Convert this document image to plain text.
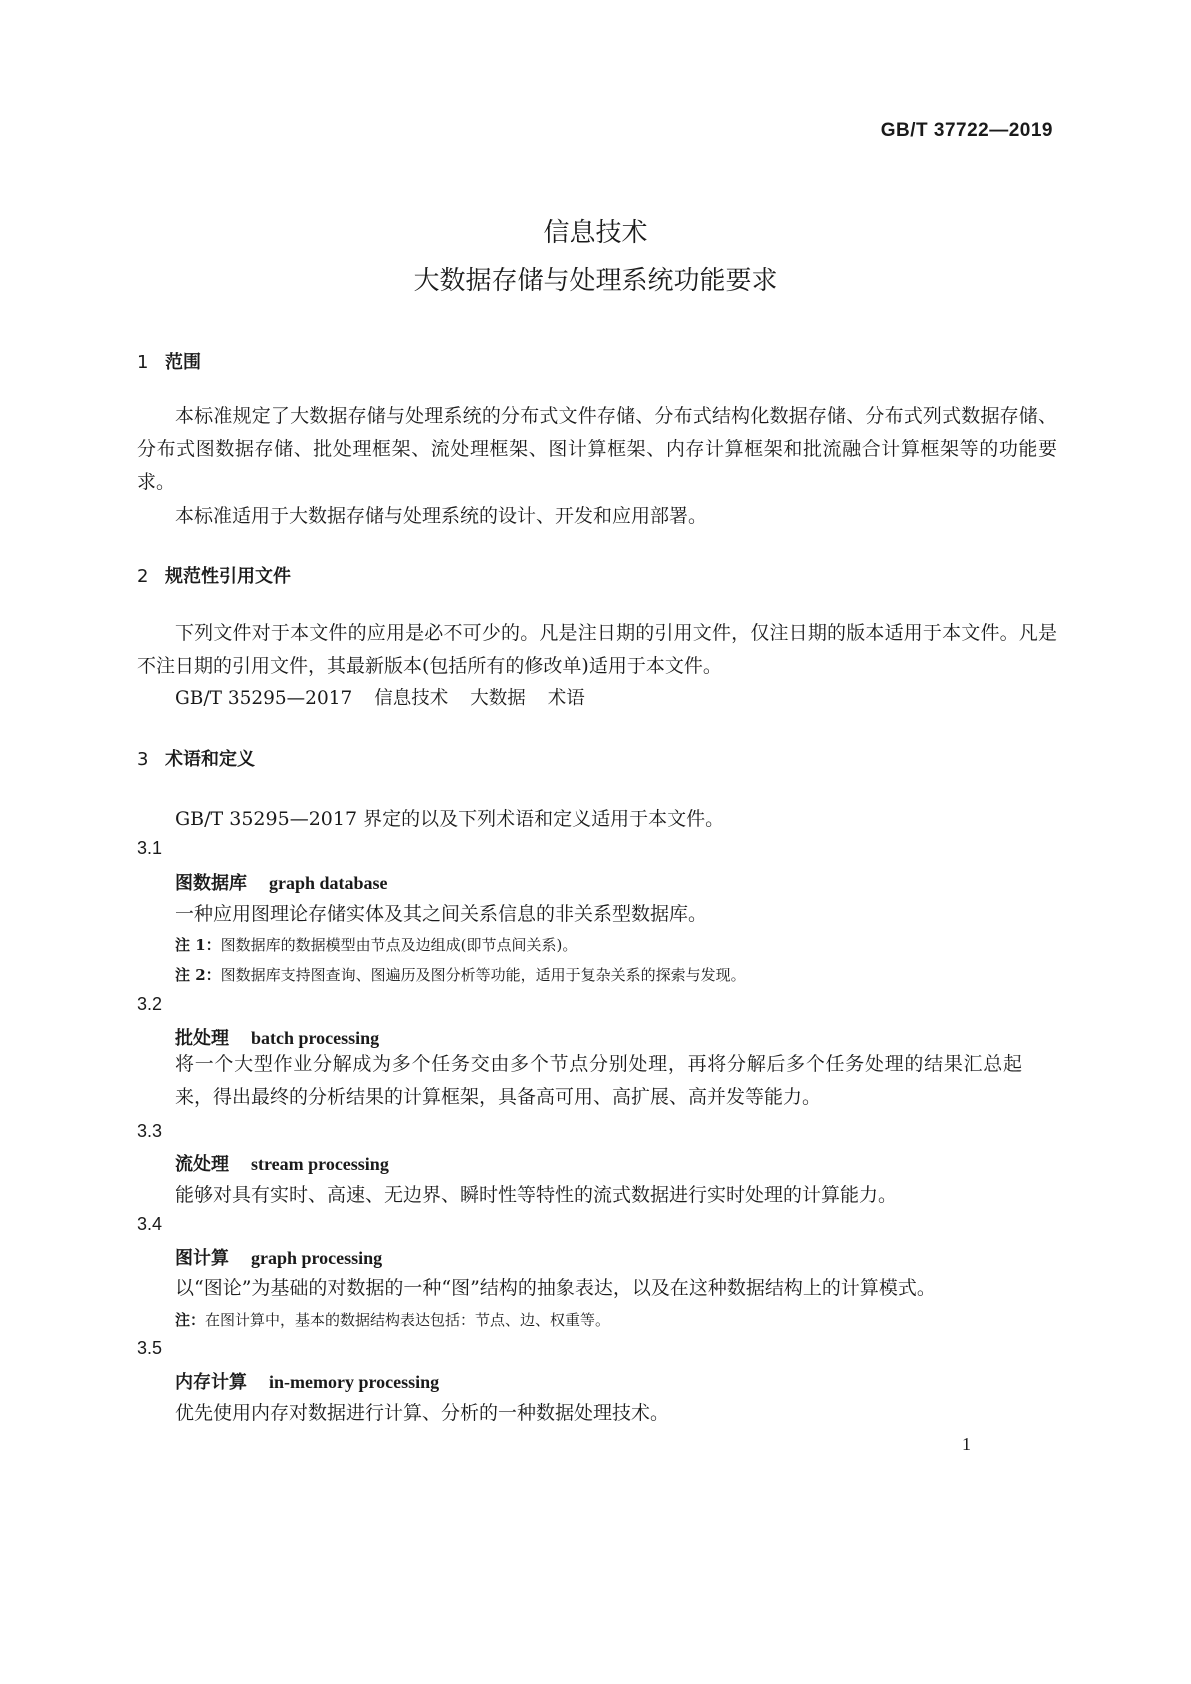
GB/T 37722—2019
信息技术
大数据存储与处理系统功能要求
1 范围
本标准规定了大数据存储与处理系统的分布式文件存储、分布式结构化数据存储、分布式列式数据存储、分布式图数据存储、批处理框架、流处理框架、图计算框架、内存计算框架和批流融合计算框架等的功能要求。
本标准适用于大数据存储与处理系统的设计、开发和应用部署。
2 规范性引用文件
下列文件对于本文件的应用是必不可少的。凡是注日期的引用文件，仅注日期的版本适用于本文件。凡是不注日期的引用文件，其最新版本(包括所有的修改单)适用于本文件。
GB/T 35295—2017 信息技术 大数据 术语
3 术语和定义
GB/T 35295—2017 界定的以及下列术语和定义适用于本文件。
3.1
图数据库 graph database
一种应用图理论存储实体及其之间关系信息的非关系型数据库。
注 1：图数据库的数据模型由节点及边组成(即节点间关系)。
注 2：图数据库支持图查询、图遍历及图分析等功能，适用于复杂关系的探索与发现。
3.2
批处理 batch processing
将一个大型作业分解成为多个任务交由多个节点分别处理，再将分解后多个任务处理的结果汇总起来，得出最终的分析结果的计算框架，具备高可用、高扩展、高并发等能力。
3.3
流处理 stream processing
能够对具有实时、高速、无边界、瞬时性等特性的流式数据进行实时处理的计算能力。
3.4
图计算 graph processing
以“图论”为基础的对数据的一种“图”结构的抽象表达，以及在这种数据结构上的计算模式。
注：在图计算中，基本的数据结构表达包括：节点、边、权重等。
3.5
内存计算 in-memory processing
优先使用内存对数据进行计算、分析的一种数据处理技术。
1
